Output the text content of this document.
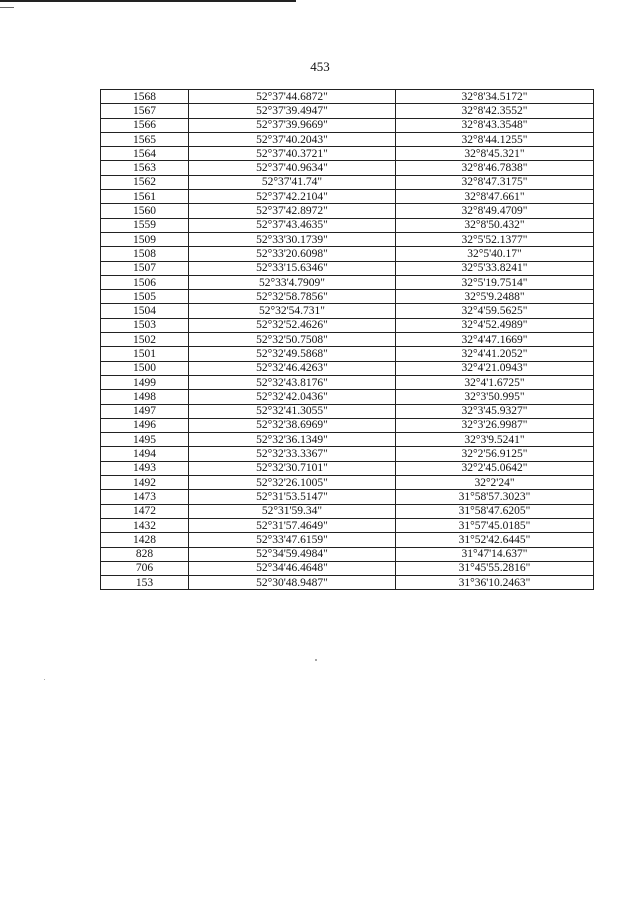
453
1568	52°37'44.6872"	32°8'34.5172"
1567	52°37'39.4947"	32°8'42.3552"
1566	52°37'39.9669"	32°8'43.3548"
1565	52°37'40.2043"	32°8'44.1255"
1564	52°37'40.3721"	32°8'45.321"
1563	52°37'40.9634"	32°8'46.7838"
1562	52°37'41.74"	32°8'47.3175"
1561	52°37'42.2104"	32°8'47.661"
1560	52°37'42.8972"	32°8'49.4709"
1559	52°37'43.4635"	32°8'50.432"
1509	52°33'30.1739"	32°5'52.1377"
1508	52°33'20.6098"	32°5'40.17"
1507	52°33'15.6346"	32°5'33.8241"
1506	52°33'4.7909"	32°5'19.7514"
1505	52°32'58.7856"	32°5'9.2488"
1504	52°32'54.731"	32°4'59.5625"
1503	52°32'52.4626"	32°4'52.4989"
1502	52°32'50.7508"	32°4'47.1669"
1501	52°32'49.5868"	32°4'41.2052"
1500	52°32'46.4263"	32°4'21.0943"
1499	52°32'43.8176"	32°4'1.6725"
1498	52°32'42.0436"	32°3'50.995"
1497	52°32'41.3055"	32°3'45.9327"
1496	52°32'38.6969"	32°3'26.9987"
1495	52°32'36.1349"	32°3'9.5241"
1494	52°32'33.3367"	32°2'56.9125"
1493	52°32'30.7101"	32°2'45.0642"
1492	52°32'26.1005"	32°2'24"
1473	52°31'53.5147"	31°58'57.3023"
1472	52°31'59.34"	31°58'47.6205"
1432	52°31'57.4649"	31°57'45.0185"
1428	52°33'47.6159"	31°52'42.6445"
828	52°34'59.4984"	31°47'14.637"
706	52°34'46.4648"	31°45'55.2816"
153	52°30'48.9487"	31°36'10.2463"
